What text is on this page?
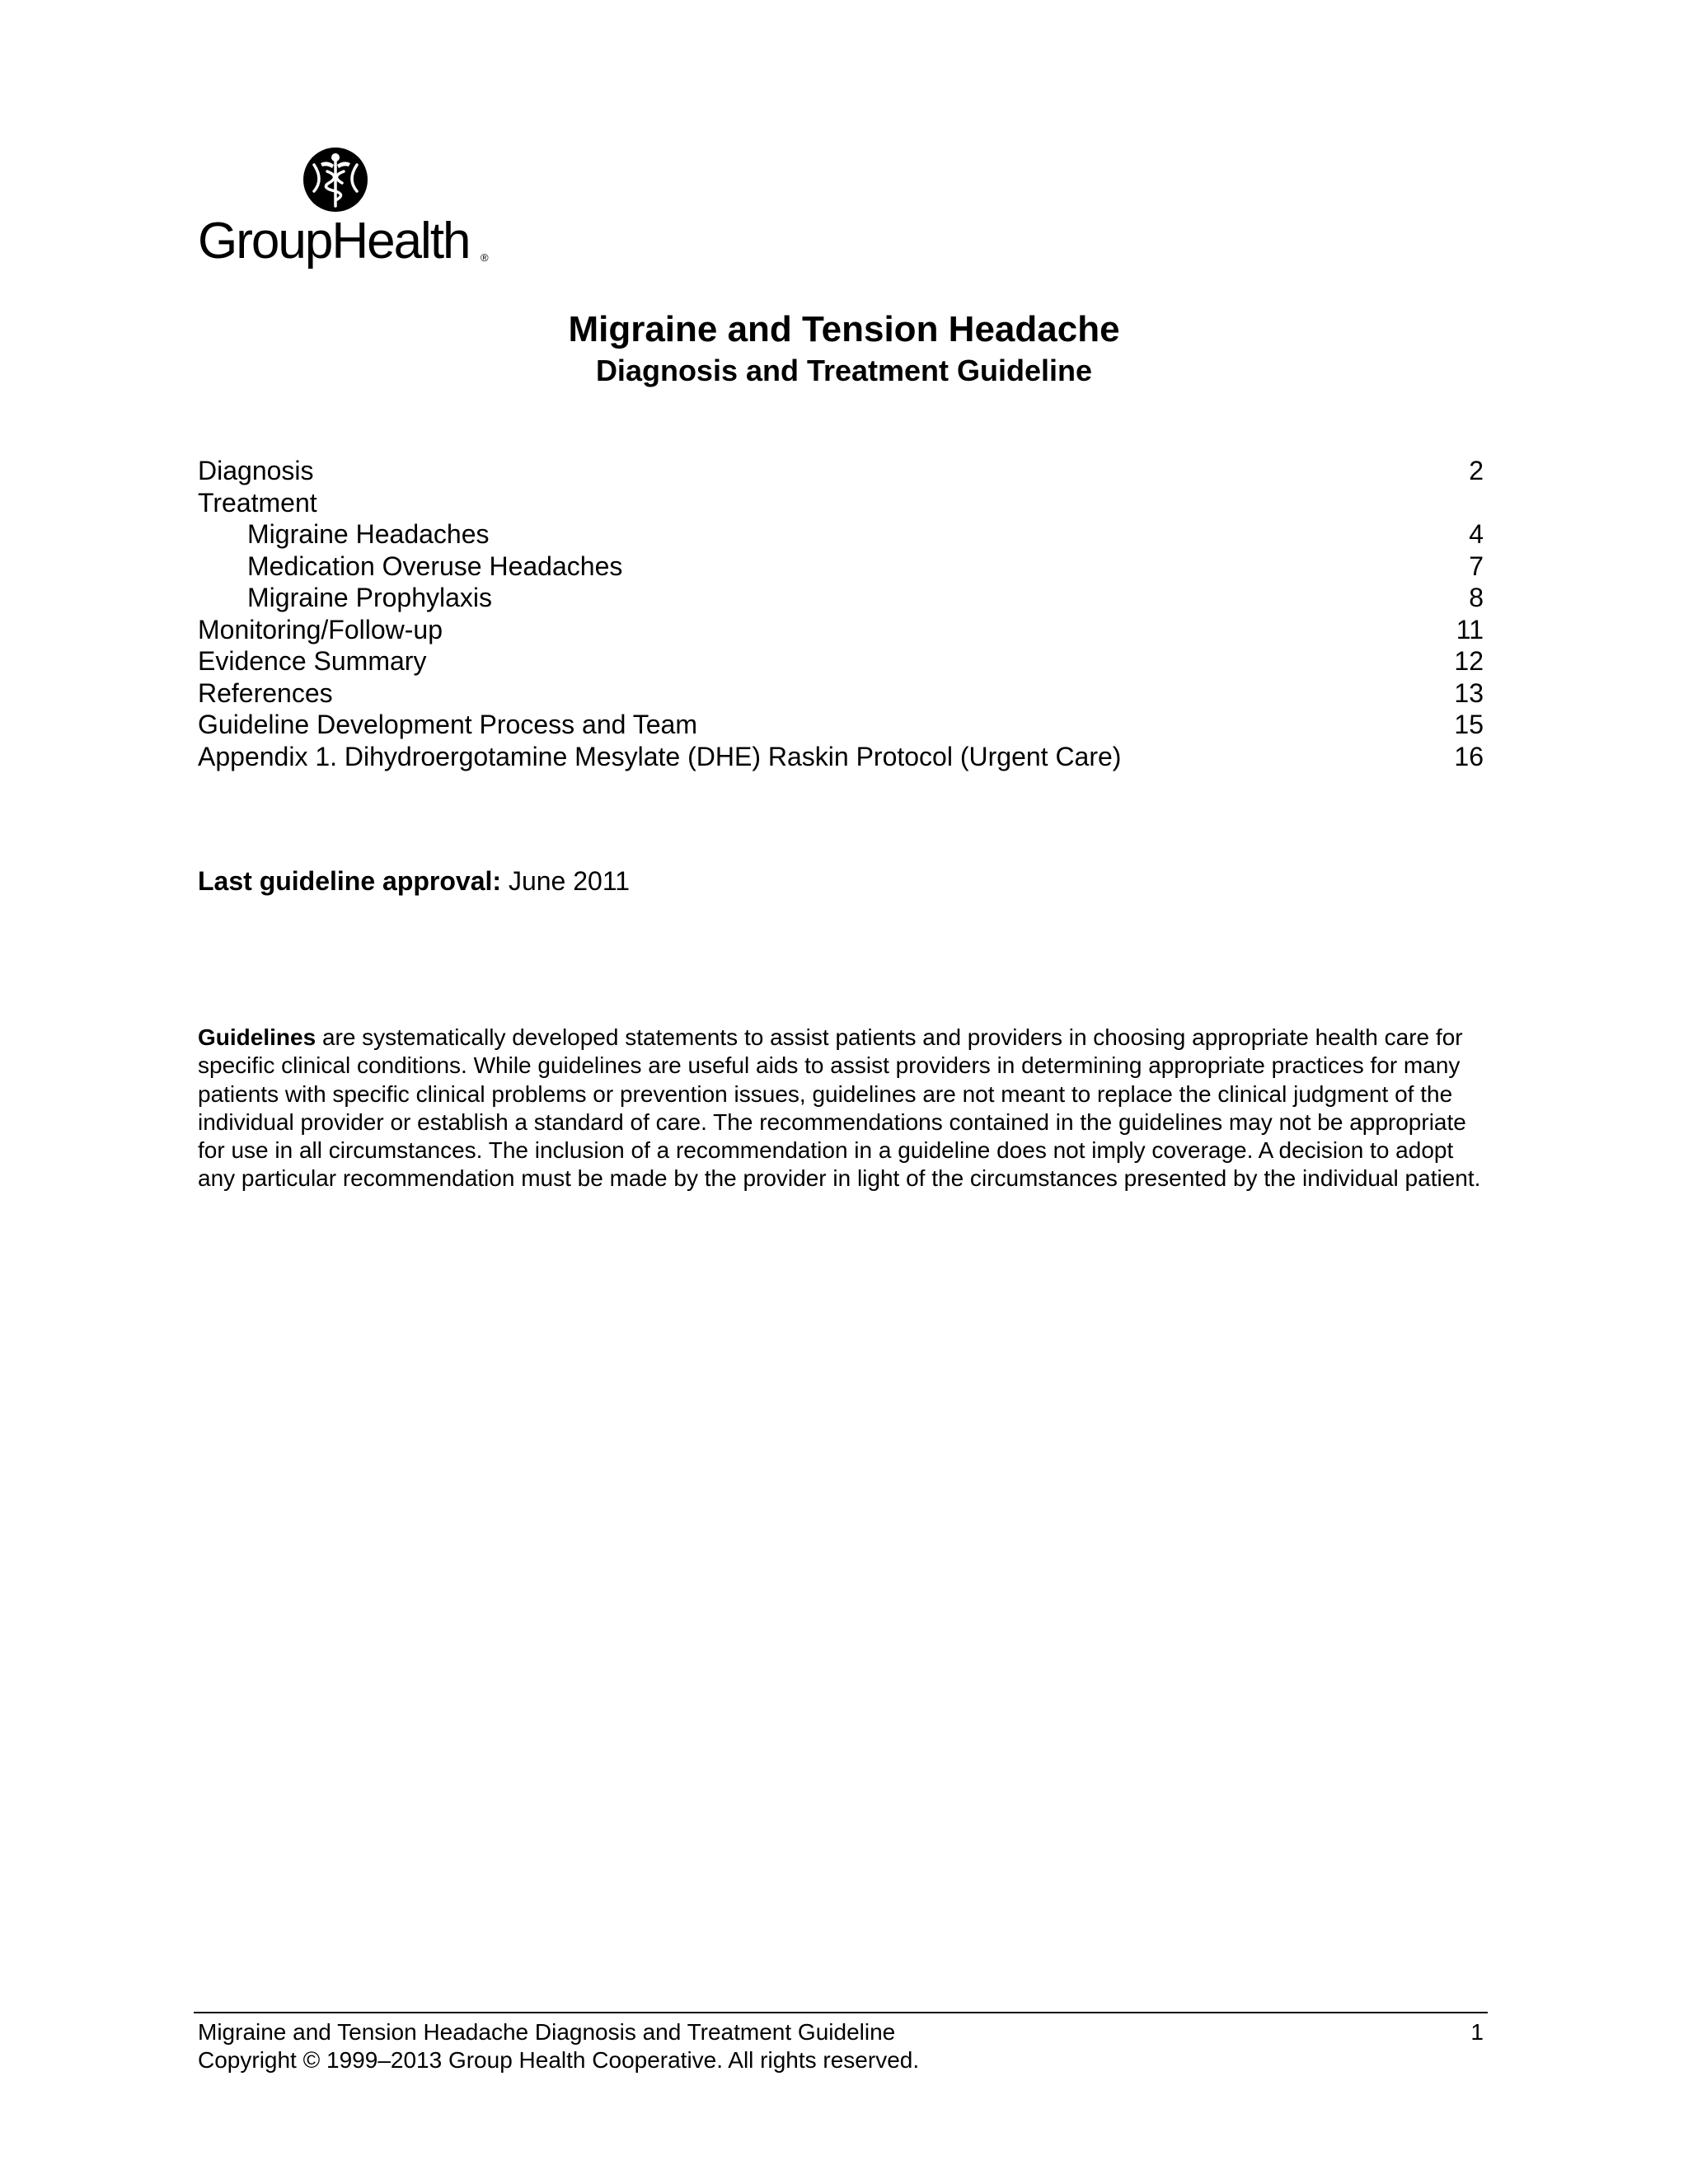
GroupHealth ®
Migraine and Tension Headache
Diagnosis and Treatment Guideline
Diagnosis	2
Treatment
Migraine Headaches	4
Medication Overuse Headaches	7
Migraine Prophylaxis	8
Monitoring/Follow-up	11
Evidence Summary	12
References	13
Guideline Development Process and Team	15
Appendix 1. Dihydroergotamine Mesylate (DHE) Raskin Protocol (Urgent Care)	16
Last guideline approval: June 2011
Guidelines are systematically developed statements to assist patients and providers in choosing appropriate health care for specific clinical conditions. While guidelines are useful aids to assist providers in determining appropriate practices for many patients with specific clinical problems or prevention issues, guidelines are not meant to replace the clinical judgment of the individual provider or establish a standard of care. The recommendations contained in the guidelines may not be appropriate for use in all circumstances. The inclusion of a recommendation in a guideline does not imply coverage. A decision to adopt any particular recommendation must be made by the provider in light of the circumstances presented by the individual patient.
Migraine and Tension Headache Diagnosis and Treatment Guideline	1
Copyright © 1999–2013 Group Health Cooperative. All rights reserved.
